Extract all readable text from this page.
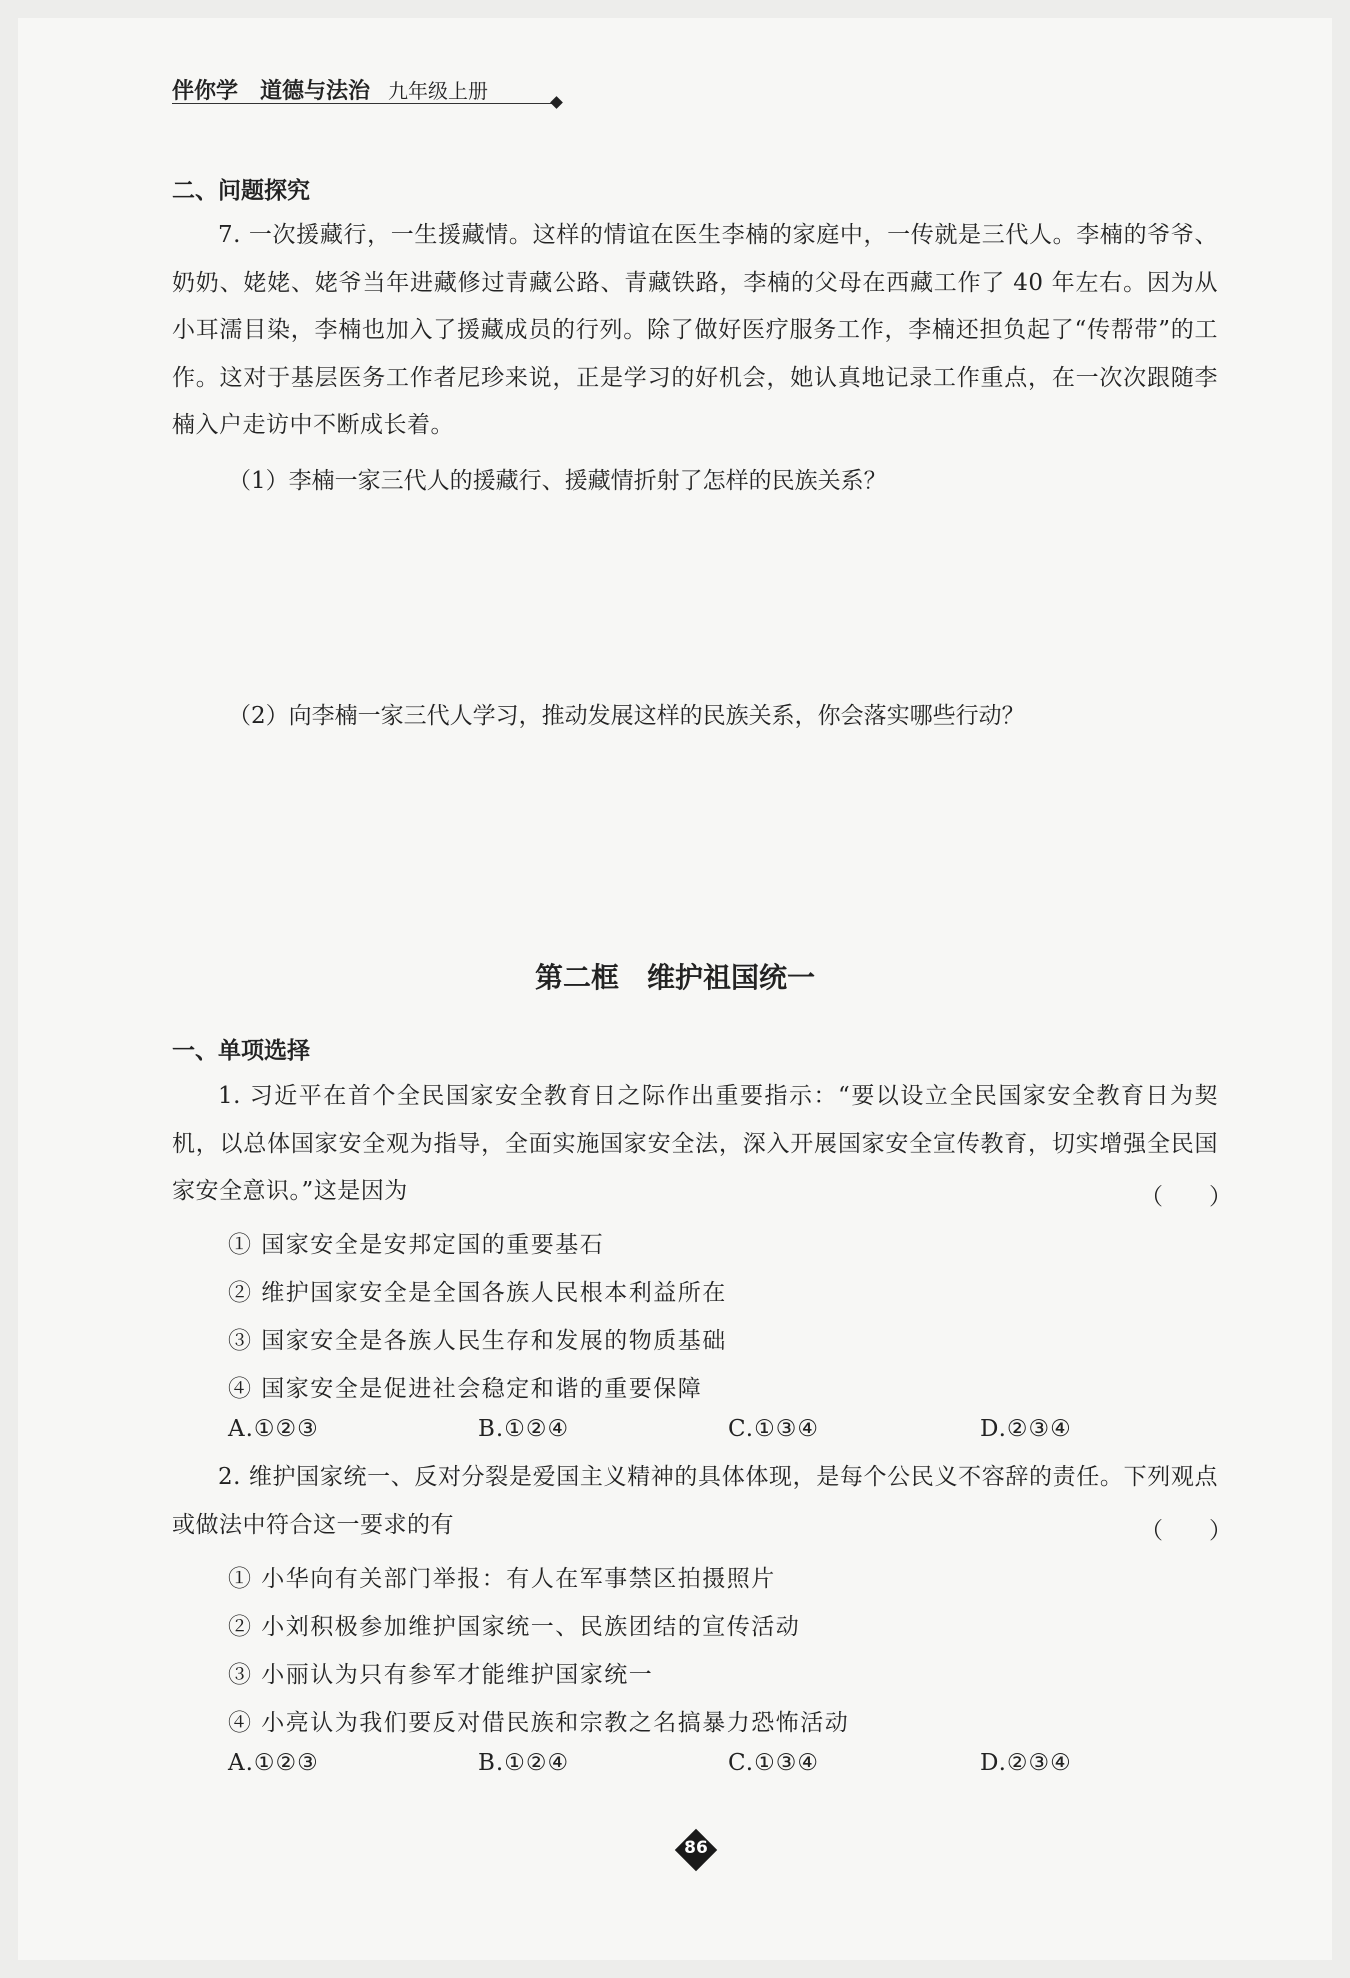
伴你学 道德与法治 九年级上册
二、问题探究
7. 一次援藏行，一生援藏情。这样的情谊在医生李楠的家庭中，一传就是三代人。李楠的爷爷、奶奶、姥姥、姥爷当年进藏修过青藏公路、青藏铁路，李楠的父母在西藏工作了 40 年左右。因为从小耳濡目染，李楠也加入了援藏成员的行列。除了做好医疗服务工作，李楠还担负起了“传帮带”的工作。这对于基层医务工作者尼珍来说，正是学习的好机会，她认真地记录工作重点，在一次次跟随李楠入户走访中不断成长着。
（1）李楠一家三代人的援藏行、援藏情折射了怎样的民族关系？
（2）向李楠一家三代人学习，推动发展这样的民族关系，你会落实哪些行动？
第二框　维护祖国统一
一、单项选择
1. 习近平在首个全民国家安全教育日之际作出重要指示：“要以设立全民国家安全教育日为契机，以总体国家安全观为指导，全面实施国家安全法，深入开展国家安全宣传教育，切实增强全民国家安全意识。”这是因为	（　　）
① 国家安全是安邦定国的重要基石
② 维护国家安全是全国各族人民根本利益所在
③ 国家安全是各族人民生存和发展的物质基础
④ 国家安全是促进社会稳定和谐的重要保障
A.①②③	B.①②④	C.①③④	D.②③④
2. 维护国家统一、反对分裂是爱国主义精神的具体体现，是每个公民义不容辞的责任。下列观点或做法中符合这一要求的有	（　　）
① 小华向有关部门举报：有人在军事禁区拍摄照片
② 小刘积极参加维护国家统一、民族团结的宣传活动
③ 小丽认为只有参军才能维护国家统一
④ 小亮认为我们要反对借民族和宗教之名搞暴力恐怖活动
A.①②③	B.①②④	C.①③④	D.②③④
86
